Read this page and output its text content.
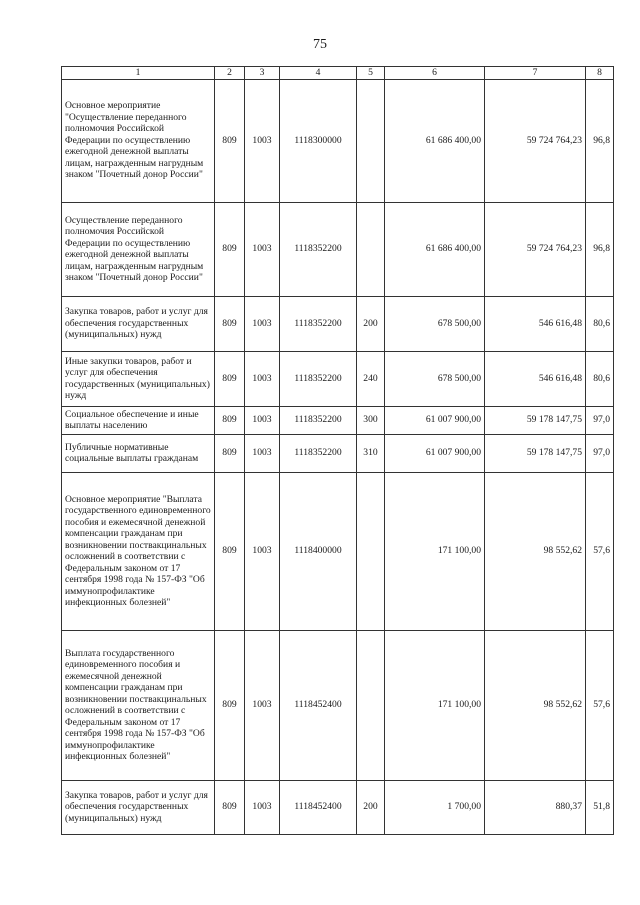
75
1	2	3	4	5	6	7	8
Основное мероприятие "Осуществление переданного полномочия Российской Федерации по осуществлению ежегодной денежной выплаты лицам, награжденным нагрудным знаком "Почетный донор России"	809	1003	1118300000		61 686 400,00	59 724 764,23	96,8
Осуществление переданного полномочия Российской Федерации по осуществлению ежегодной денежной выплаты лицам, награжденным нагрудным знаком "Почетный донор России"	809	1003	1118352200		61 686 400,00	59 724 764,23	96,8
Закупка товаров, работ и услуг для обеспечения государственных (муниципальных) нужд	809	1003	1118352200	200	678 500,00	546 616,48	80,6
Иные закупки товаров, работ и услуг для обеспечения государственных (муниципальных) нужд	809	1003	1118352200	240	678 500,00	546 616,48	80,6
Социальное обеспечение и иные выплаты населению	809	1003	1118352200	300	61 007 900,00	59 178 147,75	97,0
Публичные нормативные социальные выплаты гражданам	809	1003	1118352200	310	61 007 900,00	59 178 147,75	97,0
Основное мероприятие "Выплата государственного единовременного пособия и ежемесячной денежной компенсации гражданам при возникновении поствакцинальных осложнений в соответствии с Федеральным законом от 17 сентября 1998 года № 157-ФЗ "Об иммунопрофилактике инфекционных болезней"	809	1003	1118400000		171 100,00	98 552,62	57,6
Выплата государственного единовременного пособия и ежемесячной денежной компенсации гражданам при возникновении поствакцинальных осложнений в соответствии с Федеральным законом от 17 сентября 1998 года № 157-ФЗ "Об иммунопрофилактике инфекционных болезней"	809	1003	1118452400		171 100,00	98 552,62	57,6
Закупка товаров, работ и услуг для обеспечения государственных (муниципальных) нужд	809	1003	1118452400	200	1 700,00	880,37	51,8
